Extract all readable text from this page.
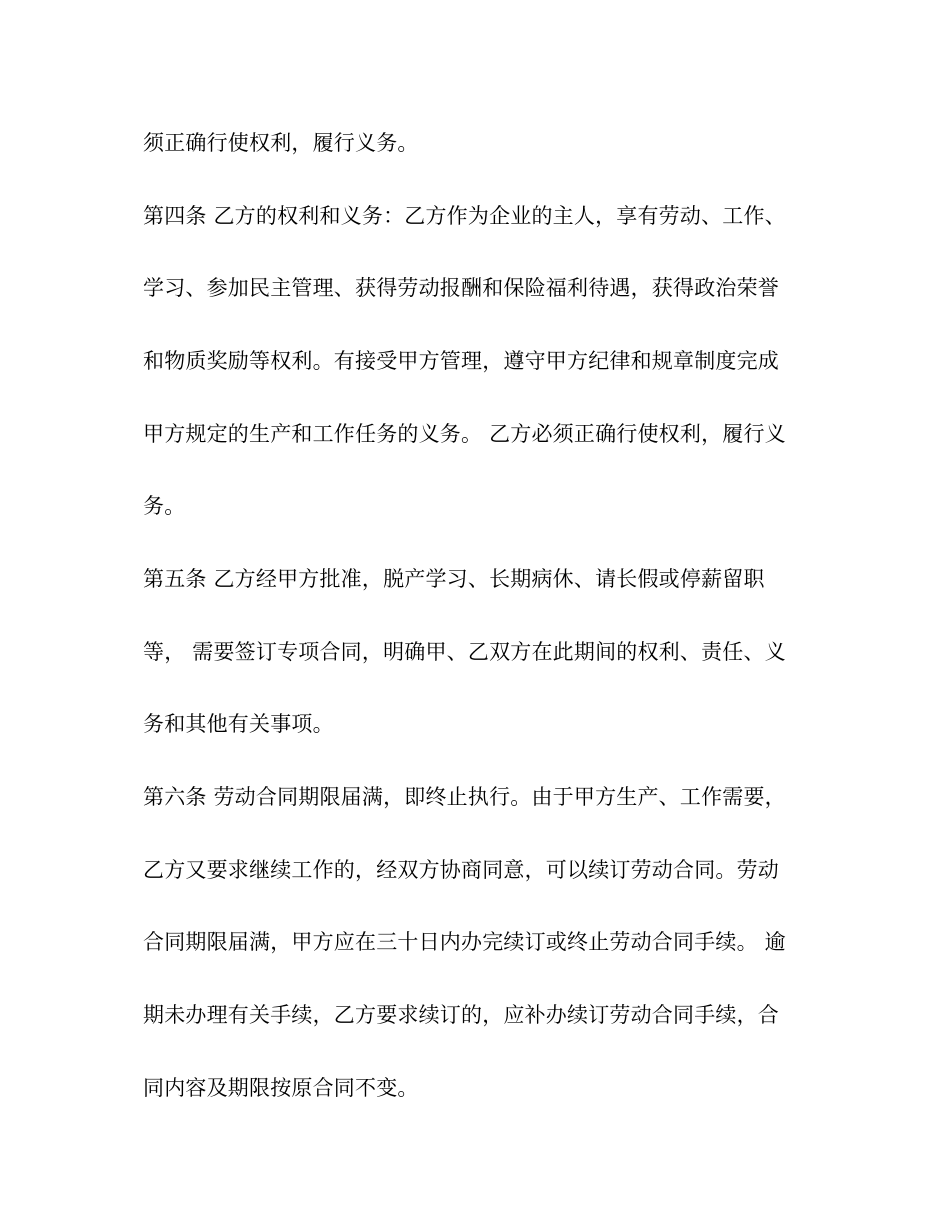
须正确行使权利，履行义务。
第四条 乙方的权利和义务：乙方作为企业的主人，享有劳动、工作、
学习、参加民主管理、获得劳动报酬和保险福利待遇，获得政治荣誉
和物质奖励等权利。有接受甲方管理，遵守甲方纪律和规章制度完成
甲方规定的生产和工作任务的义务。 乙方必须正确行使权利，履行义
务。
第五条 乙方经甲方批准，脱产学习、长期病休、请长假或停薪留职
等， 需要签订专项合同，明确甲、乙双方在此期间的权利、责任、义
务和其他有关事项。
第六条 劳动合同期限届满，即终止执行。由于甲方生产、工作需要，
乙方又要求继续工作的，经双方协商同意，可以续订劳动合同。劳动
合同期限届满，甲方应在三十日内办完续订或终止劳动合同手续。 逾
期未办理有关手续，乙方要求续订的，应补办续订劳动合同手续，合
同内容及期限按原合同不变。
